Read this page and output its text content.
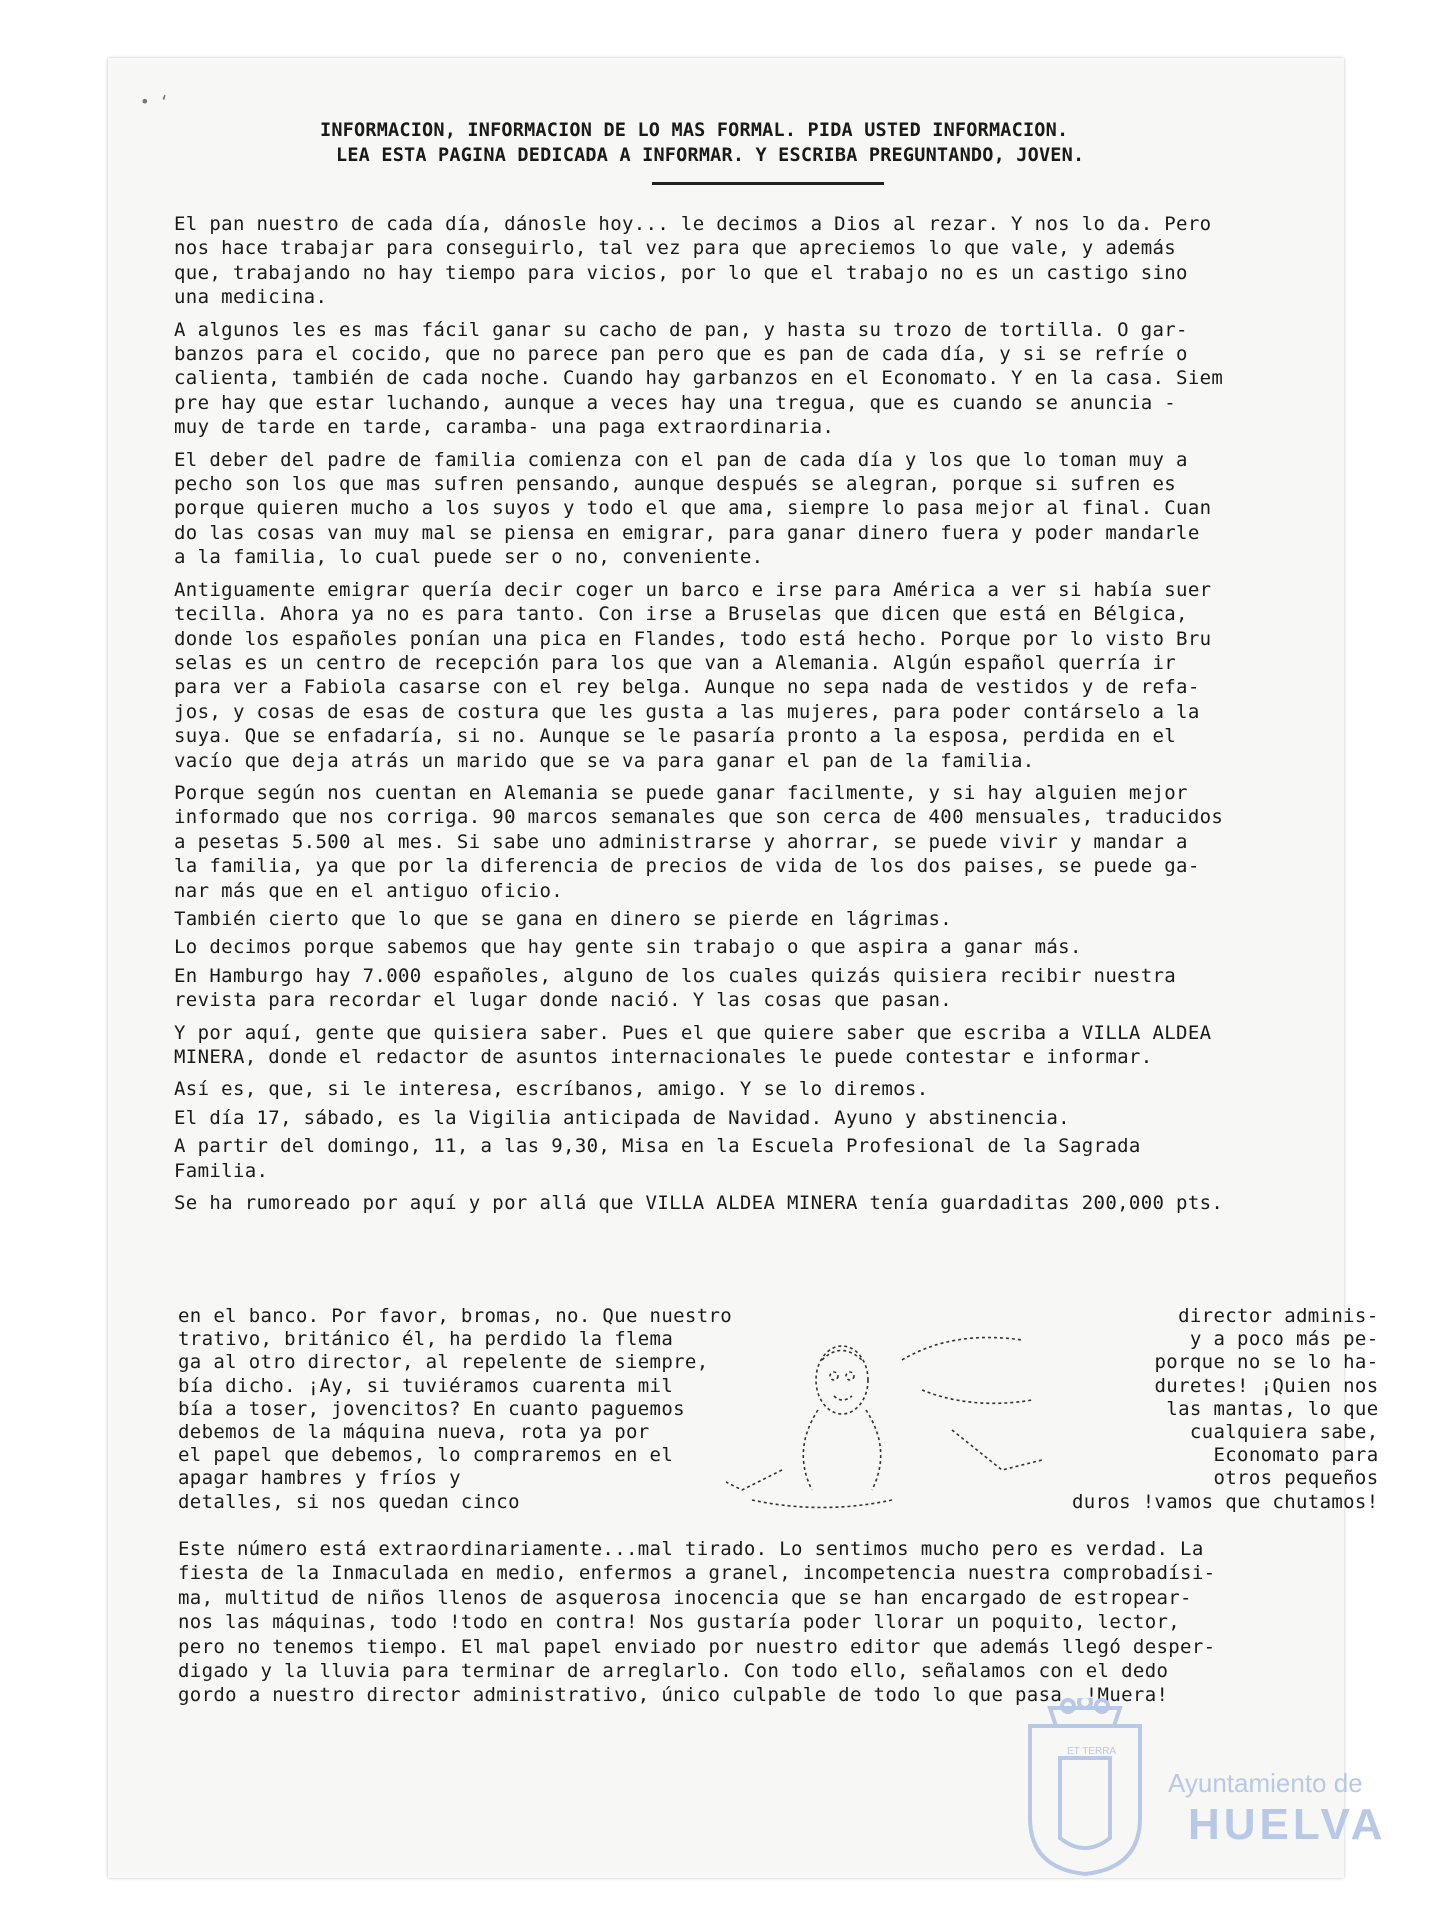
INFORMACION, INFORMACION DE LO MAS FORMAL. PIDA USTED INFORMACION.
LEA ESTA PAGINA DEDICADA A INFORMAR. Y ESCRIBA PREGUNTANDO, JOVEN.

El pan nuestro de cada día, dánosle hoy... le decimos a Dios al rezar. Y nos lo da. Pero
nos hace trabajar para conseguirlo, tal vez para que apreciemos lo que vale, y además
que, trabajando no hay tiempo para vicios, por lo que el trabajo no es un castigo sino
una medicina.

A algunos les es mas fácil ganar su cacho de pan, y hasta su trozo de tortilla. O gar-
banzos para el cocido, que no parece pan pero que es pan de cada día, y si se refríe o
calienta, también de cada noche. Cuando hay garbanzos en el Economato. Y en la casa. Siem
pre hay que estar luchando, aunque a veces hay una tregua, que es cuando se anuncia -
muy de tarde en tarde, caramba- una paga extraordinaria.

El deber del padre de familia comienza con el pan de cada día y los que lo toman muy a
pecho son los que mas sufren pensando, aunque después se alegran, porque si sufren es
porque quieren mucho a los suyos y todo el que ama, siempre lo pasa mejor al final. Cuan
do las cosas van muy mal se piensa en emigrar, para ganar dinero fuera y poder mandarle
a la familia, lo cual puede ser o no, conveniente.

Antiguamente emigrar quería decir coger un barco e irse para América a ver si había suer
tecilla. Ahora ya no es para tanto. Con irse a Bruselas que dicen que está en Bélgica,
donde los españoles ponían una pica en Flandes, todo está hecho. Porque por lo visto Bru
selas es un centro de recepción para los que van a Alemania. Algún español querría ir
para ver a Fabiola casarse con el rey belga. Aunque no sepa nada de vestidos y de refa-
jos, y cosas de esas de costura que les gusta a las mujeres, para poder contárselo a la
suya. Que se enfadaría, si no. Aunque se le pasaría pronto a la esposa, perdida en el
vacío que deja atrás un marido que se va para ganar el pan de la familia.

Porque según nos cuentan en Alemania se puede ganar facilmente, y si hay alguien mejor
informado que nos corriga. 90 marcos semanales que son cerca de 400 mensuales, traducidos
a pesetas 5.500 al mes. Si sabe uno administrarse y ahorrar, se puede vivir y mandar a
la familia, ya que por la diferencia de precios de vida de los dos paises, se puede ga-
nar más que en el antiguo oficio.

También cierto que lo que se gana en dinero se pierde en lágrimas.

Lo decimos porque sabemos que hay gente sin trabajo o que aspira a ganar más.

En Hamburgo hay 7.000 españoles, alguno de los cuales quizás quisiera recibir nuestra
revista para recordar el lugar donde nació. Y las cosas que pasan.

Y por aquí, gente que quisiera saber. Pues el que quiere saber que escriba a VILLA ALDEA
MINERA, donde el redactor de asuntos internacionales le puede contestar e informar.

Así es, que, si le interesa, escríbanos, amigo. Y se lo diremos.

El día 17, sábado, es la Vigilia anticipada de Navidad. Ayuno y abstinencia.

A partir del domingo, 11, a las 9,30, Misa en la Escuela Profesional de la Sagrada
Familia.

Se ha rumoreado por aquí y por allá que VILLA ALDEA MINERA tenía guardaditas 200,000 pts.

en el banco. Por favor, bromas, no. Que nuestro
trativo, británico él, ha perdido la flema
ga al otro director, al repelente de siempre,
bía dicho. ¡Ay, si tuviéramos cuarenta mil
bía a toser, jovencitos? En cuanto paguemos
debemos de la máquina nueva, rota ya por
el papel que debemos, lo compraremos en el
apagar hambres y fríos y
detalles, si nos quedan cinco
director adminis-
y a poco más pe-
porque no se lo ha-
duretes! ¡Quien nos
las mantas, lo que
cualquiera sabe,
Economato para
otros pequeños
duros !vamos que chutamos!
Este número está extraordinariamente...mal tirado. Lo sentimos mucho pero es verdad. La
fiesta de la Inmaculada en medio, enfermos a granel, incompetencia nuestra comprobadísi-
ma, multitud de niños llenos de asquerosa inocencia que se han encargado de estropear-
nos las máquinas, todo !todo en contra! Nos gustaría poder llorar un poquito, lector,
pero no tenemos tiempo. El mal papel enviado por nuestro editor que además llegó desper-
digado y la lluvia para terminar de arreglarlo. Con todo ello, señalamos con el dedo
gordo a nuestro director administrativo, único culpable de todo lo que pasa. !Muera!
• ʻ
ET TERRA
Ayuntamiento de
HUELVA
